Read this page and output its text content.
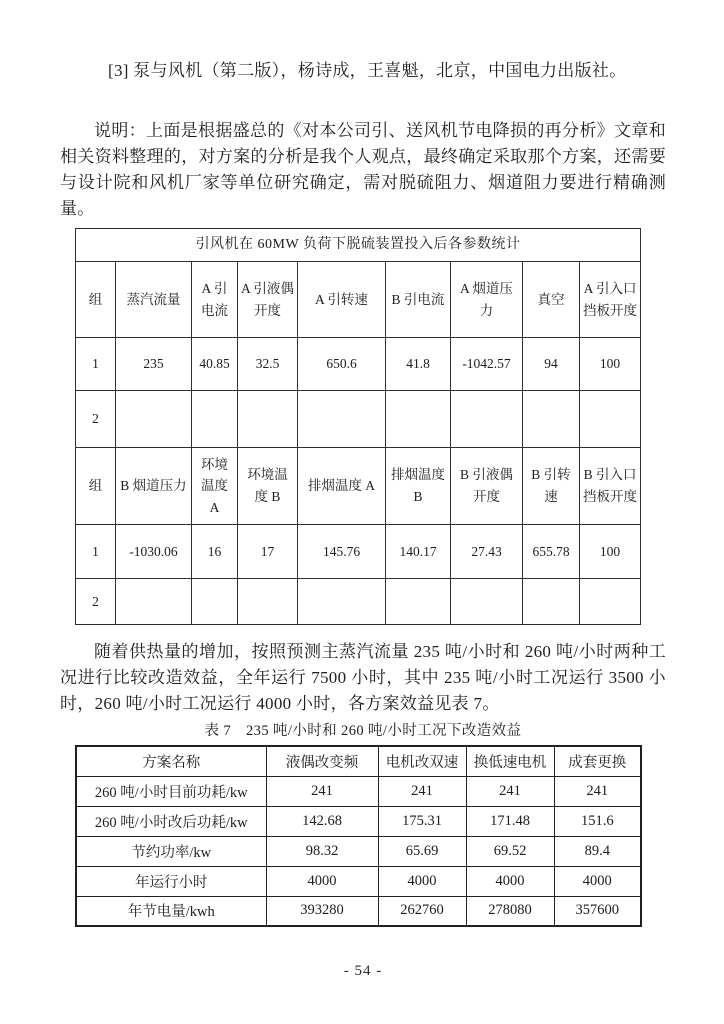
[3] 泵与风机（第二版），杨诗成，王喜魁，北京，中国电力出版社。

说明：上面是根据盛总的《对本公司引、送风机节电降损的再分析》文章和相关资料整理的，对方案的分析是我个人观点，最终确定采取那个方案，还需要与设计院和风机厂家等单位研究确定，需对脱硫阻力、烟道阻力要进行精确测量。

引风机在 60MW 负荷下脱硫装置投入后各参数统计								
组	蒸汽流量	A 引电流	A 引液偶开度	A 引转速	B 引电流	A 烟道压力	真空	A 引入口挡板开度
1	235	40.85	32.5	650.6	41.8	-1042.57	94	100
2								
组	B 烟道压力	环境温度 A	环境温度 B	排烟温度 A	排烟温度 B	B 引液偶开度	B 引转速	B 引入口挡板开度
1	-1030.06	16	17	145.76	140.17	27.43	655.78	100
2								

随着供热量的增加，按照预测主蒸汽流量 235 吨/小时和 260 吨/小时两种工况进行比较改造效益，全年运行 7500 小时，其中 235 吨/小时工况运行 3500 小时，260 吨/小时工况运行 4000 小时，各方案效益见表 7。

表 7　235 吨/小时和 260 吨/小时工况下改造效益
方案名称	液偶改变频	电机改双速	换低速电机	成套更换
260 吨/小时目前功耗/kw	241	241	241	241
260 吨/小时改后功耗/kw	142.68	175.31	171.48	151.6
节约功率/kw	98.32	65.69	69.52	89.4
年运行小时	4000	4000	4000	4000
年节电量/kwh	393280	262760	278080	357600
- 54 -
